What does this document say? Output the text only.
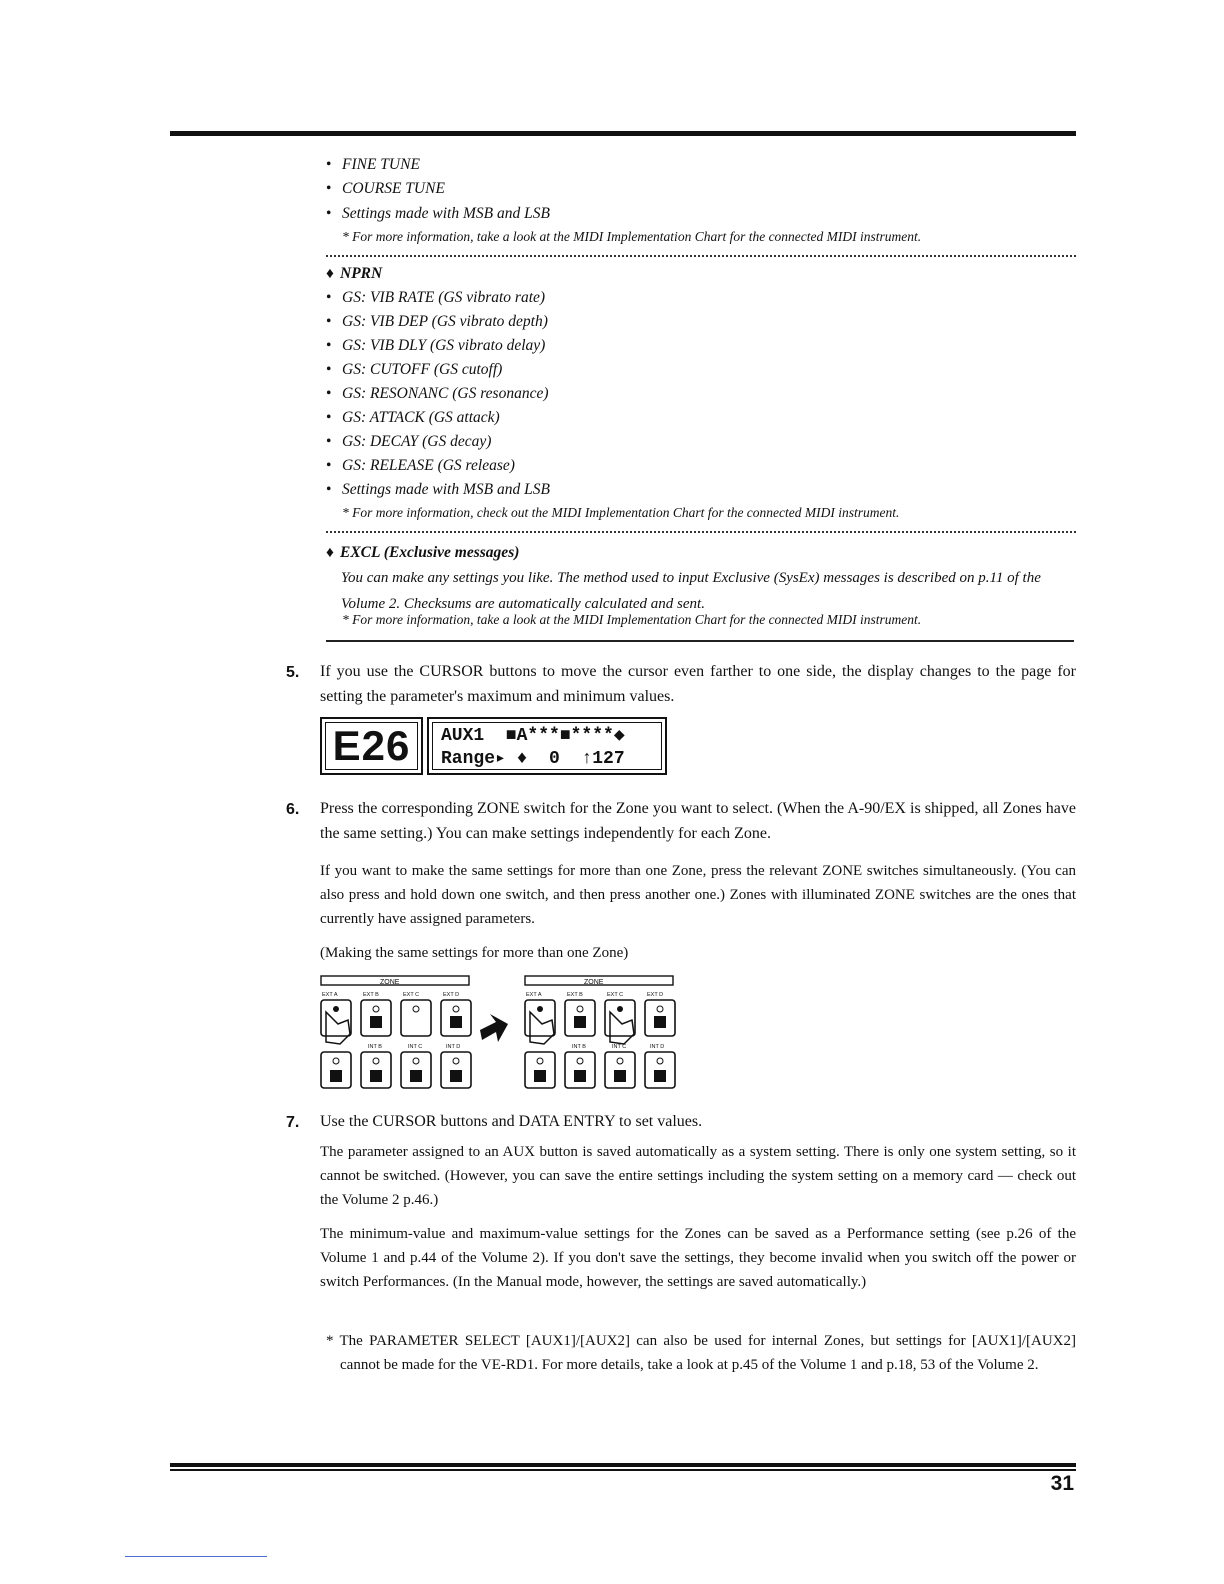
• FINE TUNE
• COURSE TUNE
• Settings made with MSB and LSB
* For more information, take a look at the MIDI Implementation Chart for the connected MIDI instrument.
♦ NPRN
• GS: VIB RATE (GS vibrato rate)
• GS: VIB DEP (GS vibrato depth)
• GS: VIB DLY (GS vibrato delay)
• GS: CUTOFF (GS cutoff)
• GS: RESONANC (GS resonance)
• GS: ATTACK (GS attack)
• GS: DECAY (GS decay)
• GS: RELEASE (GS release)
• Settings made with MSB and LSB
* For more information, check out the MIDI Implementation Chart for the connected MIDI instrument.
♦ EXCL (Exclusive messages)
You can make any settings you like. The method used to input Exclusive (SysEx) messages is described on p.11 of the Volume 2. Checksums are automatically calculated and sent.
* For more information, take a look at the MIDI Implementation Chart for the connected MIDI instrument.
5. If you use the CURSOR buttons to move the cursor even farther to one side, the display changes to the page for setting the parameter's maximum and minimum values.
E26 AUX1  ■A***■****◆
Range▸ ♦  0  ↑127
6. Press the corresponding ZONE switch for the Zone you want to select. (When the A-90/EX is shipped, all Zones have the same setting.) You can make settings independently for each Zone.
If you want to make the same settings for more than one Zone, press the relevant ZONE switches simultaneously. (You can also press and hold down one switch, and then press another one.) Zones with illuminated ZONE switches are the ones that currently have assigned parameters.
(Making the same settings for more than one Zone)
ZONE
EXT A	EXT B	EXT C	EXT D
INT B	INT C	INT D
ZONE
EXT A	EXT B	EXT C	EXT D
INT B	INT C	INT D
7. Use the CURSOR buttons and DATA ENTRY to set values.
The parameter assigned to an AUX button is saved automatically as a system setting. There is only one system setting, so it cannot be switched. (However, you can save the entire settings including the system setting on a memory card — check out the Volume 2 p.46.)
The minimum-value and maximum-value settings for the Zones can be saved as a Performance setting (see p.26 of the Volume 1 and p.44 of the Volume 2). If you don't save the settings, they become invalid when you switch off the power or switch Performances. (In the Manual mode, however, the settings are saved automatically.)
* The PARAMETER SELECT [AUX1]/[AUX2] can also be used for internal Zones, but settings for [AUX1]/[AUX2] cannot be made for the VE-RD1. For more details, take a look at p.45 of the Volume 1 and p.18, 53 of the Volume 2.
31
